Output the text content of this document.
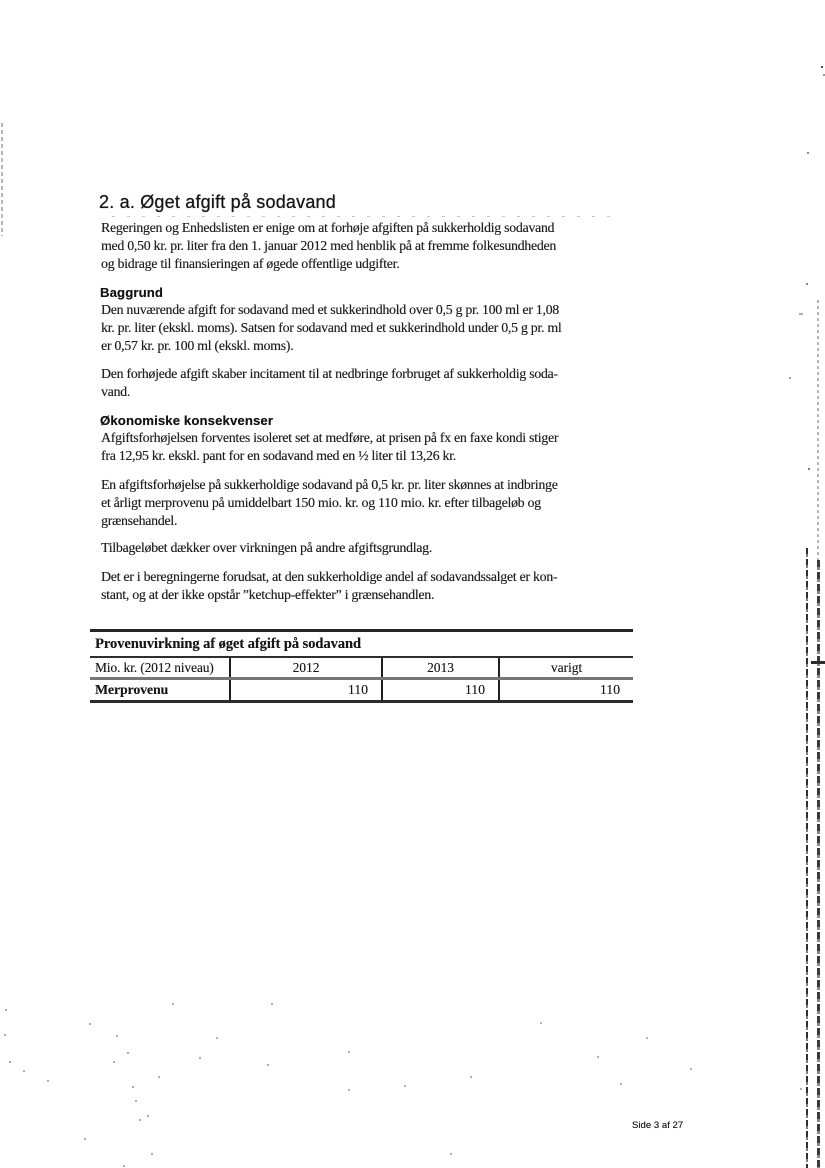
2. a. Øget afgift på sodavand
Regeringen og Enhedslisten er enige om at forhøje afgiften på sukkerholdig sodavand
med 0,50 kr. pr. liter fra den 1. januar 2012 med henblik på at fremme folkesundheden
og bidrage til finansieringen af øgede offentlige udgifter.
Baggrund
Den nuværende afgift for sodavand med et sukkerindhold over 0,5 g pr. 100 ml er 1,08
kr. pr. liter (ekskl. moms). Satsen for sodavand med et sukkerindhold under 0,5 g pr. ml
er 0,57 kr. pr. 100 ml (ekskl. moms).
Den forhøjede afgift skaber incitament til at nedbringe forbruget af sukkerholdig soda-
vand.
Økonomiske konsekvenser
Afgiftsforhøjelsen forventes isoleret set at medføre, at prisen på fx en faxe kondi stiger
fra 12,95 kr. ekskl. pant for en sodavand med en ½ liter til 13,26 kr.
En afgiftsforhøjelse på sukkerholdige sodavand på 0,5 kr. pr. liter skønnes at indbringe
et årligt merprovenu på umiddelbart 150 mio. kr. og 110 mio. kr. efter tilbageløb og
grænsehandel.
Tilbageløbet dækker over virkningen på andre afgiftsgrundlag.
Det er i beregningerne forudsat, at den sukkerholdige andel af sodavandssalget er kon-
stant, og at der ikke opstår ”ketchup-effekter” i grænsehandlen.
Provenuvirkning af øget afgift på sodavand			
Mio. kr. (2012 niveau)	2012	2013	varigt
Merprovenu	110	110	110
Side 3 af 27
